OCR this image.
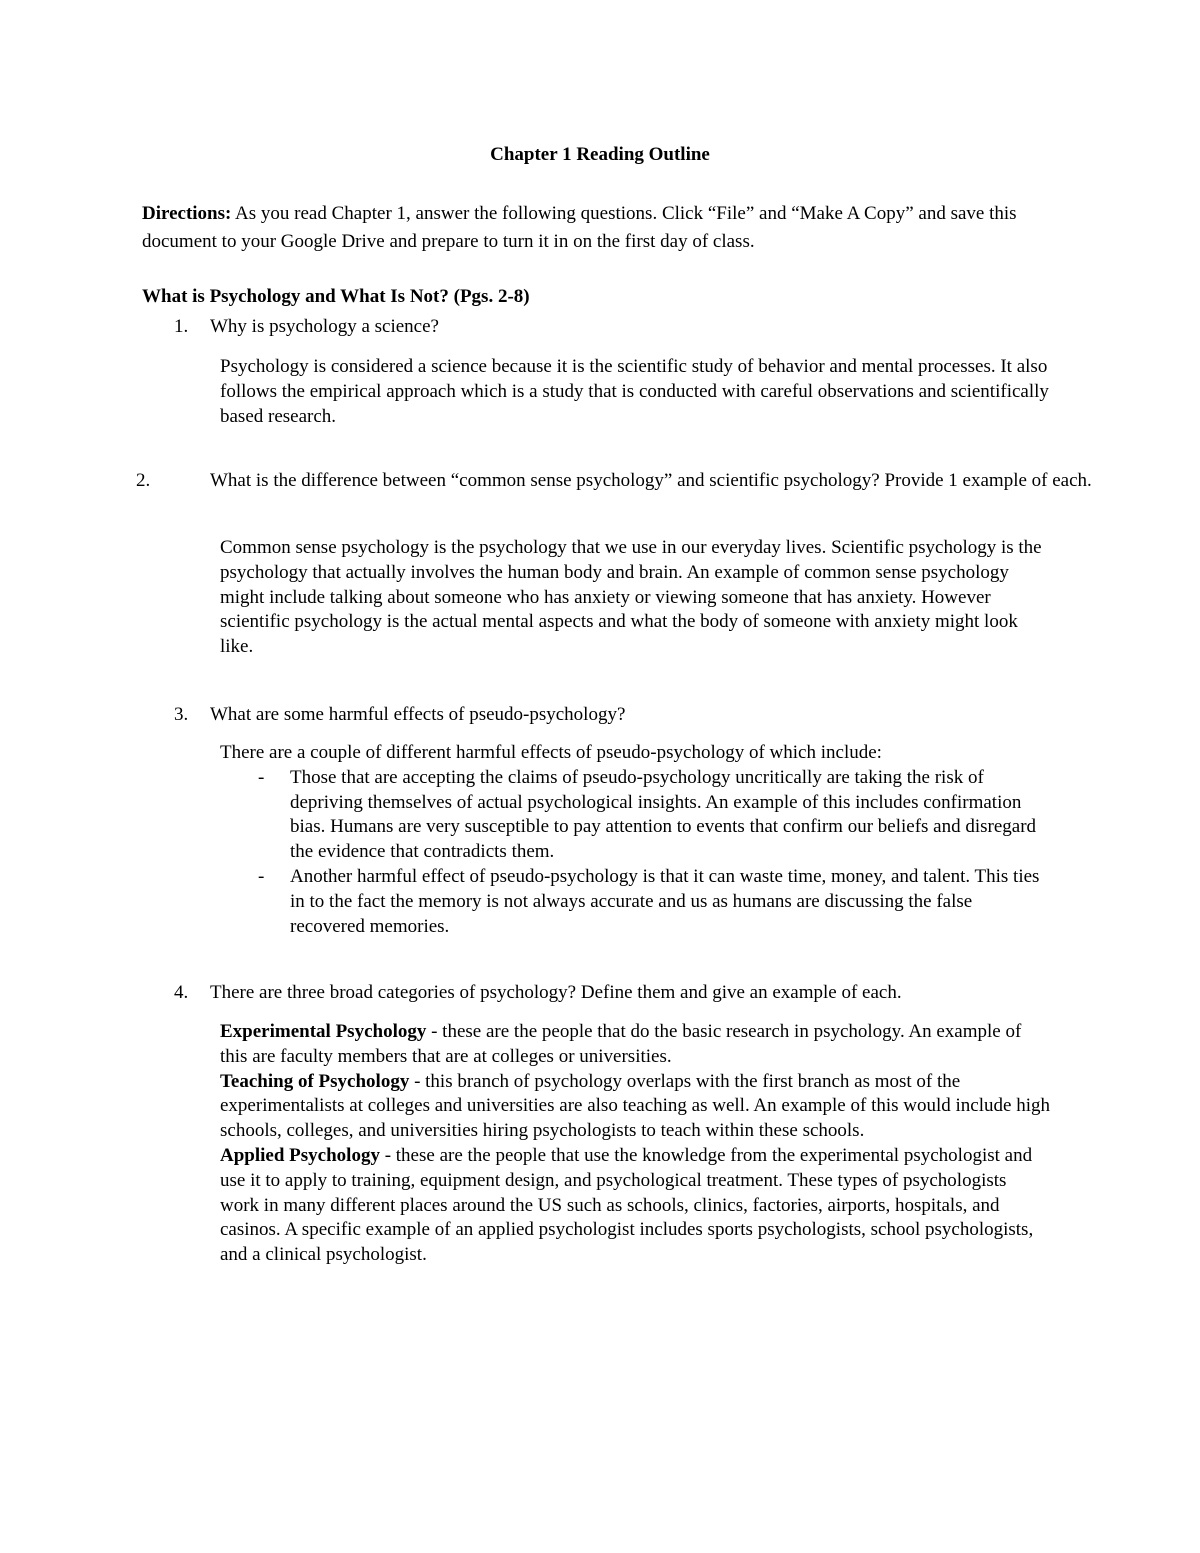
Chapter 1 Reading Outline
Directions: As you read Chapter 1, answer the following questions. Click “File” and “Make A Copy” and save this document to your Google Drive and prepare to turn it in on the first day of class.
What is Psychology and What Is Not? (Pgs. 2-8)
1. Why is psychology a science?
Psychology is considered a science because it is the scientific study of behavior and mental processes. It also follows the empirical approach which is a study that is conducted with careful observations and scientifically based research.
2.	What is the difference between “common sense psychology” and scientific psychology? Provide 1 example of each.
Common sense psychology is the psychology that we use in our everyday lives. Scientific psychology is the psychology that actually involves the human body and brain. An example of common sense psychology might include talking about someone who has anxiety or viewing someone that has anxiety. However scientific psychology is the actual mental aspects and what the body of someone with anxiety might look like.
3. What are some harmful effects of pseudo-psychology?
There are a couple of different harmful effects of pseudo-psychology of which include:
- Those that are accepting the claims of pseudo-psychology uncritically are taking the risk of depriving themselves of actual psychological insights. An example of this includes confirmation bias. Humans are very susceptible to pay attention to events that confirm our beliefs and disregard the evidence that contradicts them.
- Another harmful effect of pseudo-psychology is that it can waste time, money, and talent. This ties in to the fact the memory is not always accurate and us as humans are discussing the false recovered memories.
4. There are three broad categories of psychology? Define them and give an example of each.
Experimental Psychology - these are the people that do the basic research in psychology. An example of this are faculty members that are at colleges or universities.
Teaching of Psychology - this branch of psychology overlaps with the first branch as most of the experimentalists at colleges and universities are also teaching as well. An example of this would include high schools, colleges, and universities hiring psychologists to teach within these schools.
Applied Psychology - these are the people that use the knowledge from the experimental psychologist and use it to apply to training, equipment design, and psychological treatment. These types of psychologists work in many different places around the US such as schools, clinics, factories, airports, hospitals, and casinos. A specific example of an applied psychologist includes sports psychologists, school psychologists, and a clinical psychologist.
